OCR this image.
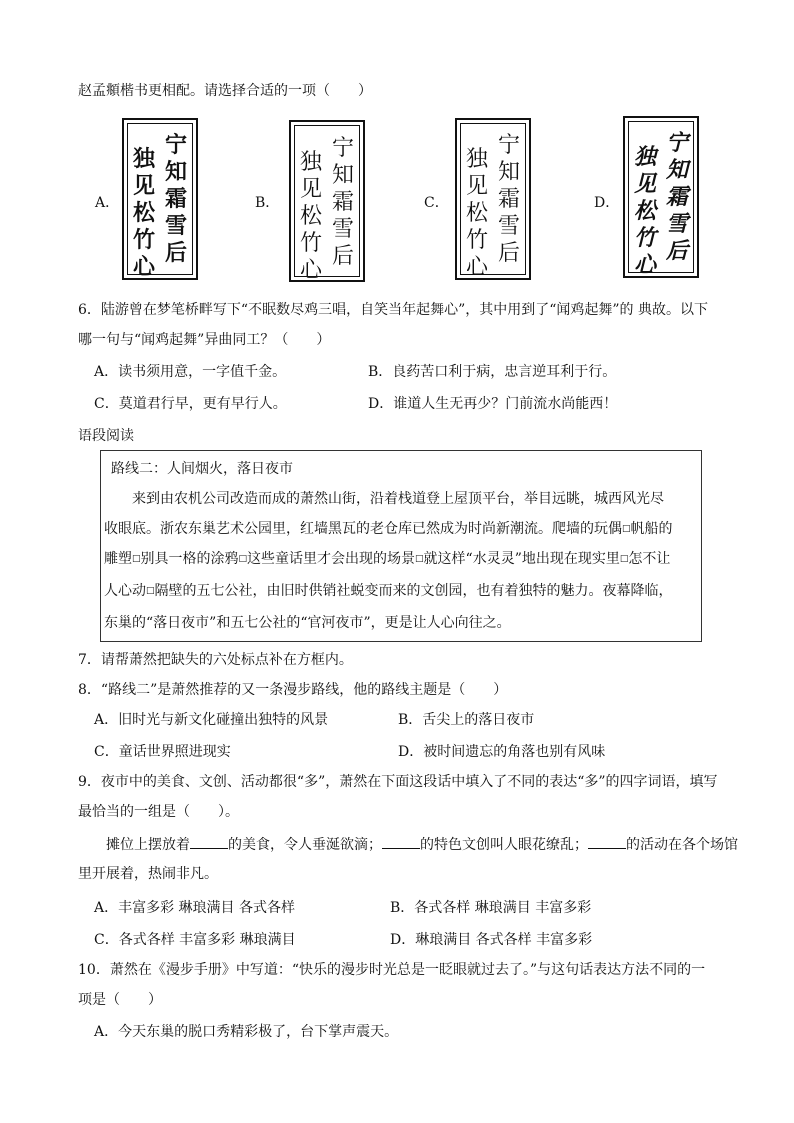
赵孟頫楷书更相配。请选择合适的一项（　　）
A．
宁
知
霜
雪
后
独
见
松
竹
心
B．
宁
知
霜
雪
后
独
见
松
竹
心
C．
宁
知
霜
雪
后
独
见
松
竹
心
D．
宁
知
霜
雪
后
独
见
松
竹
心
6．陆游曾在梦笔桥畔写下“不眠数尽鸡三唱，自笑当年起舞心”，其中用到了“闻鸡起舞”的 典故。以下
哪一句与“闻鸡起舞”异曲同工？（　　）
A．读书须用意，一字值千金。	B．良药苦口利于病，忠言逆耳利于行。
C．莫道君行早，更有早行人。	D．谁道人生无再少？门前流水尚能西！
语段阅读
路线二：人间烟火，落日夜市
来到由农机公司改造而成的萧然山街，沿着栈道登上屋顶平台，举目远眺，城西风光尽
收眼底。浙农东巢艺术公园里，红墙黑瓦的老仓库已然成为时尚新潮流。爬墙的玩偶□帆船的
雕塑□别具一格的涂鸦□这些童话里才会出现的场景□就这样“水灵灵”地出现在现实里□怎不让
人心动□隔壁的五七公社，由旧时供销社蜕变而来的文创园，也有着独特的魅力。夜幕降临，
东巢的“落日夜市”和五七公社的“官河夜市”，更是让人心向往之。
7．请帮萧然把缺失的六处标点补在方框内。
8．“路线二”是萧然推荐的又一条漫步路线，他的路线主题是（　　）
A．旧时光与新文化碰撞出独特的风景	B．舌尖上的落日夜市
C．童话世界照进现实	D．被时间遗忘的角落也别有风味
9．夜市中的美食、文创、活动都很“多”，萧然在下面这段话中填入了不同的表达“多”的四字词语，填写
最恰当的一组是（　　）。
摊位上摆放着	的美食，令人垂涎欲滴；	的特色文创叫人眼花缭乱；	的活动在各个场馆
里开展着，热闹非凡。
A．丰富多彩 琳琅满目 各式各样	B．各式各样 琳琅满目 丰富多彩
C．各式各样 丰富多彩 琳琅满目	D．琳琅满目 各式各样 丰富多彩
10．萧然在《漫步手册》中写道：“快乐的漫步时光总是一眨眼就过去了。”与这句话表达方法不同的一
项是（　　）
A．今天东巢的脱口秀精彩极了，台下掌声震天。
